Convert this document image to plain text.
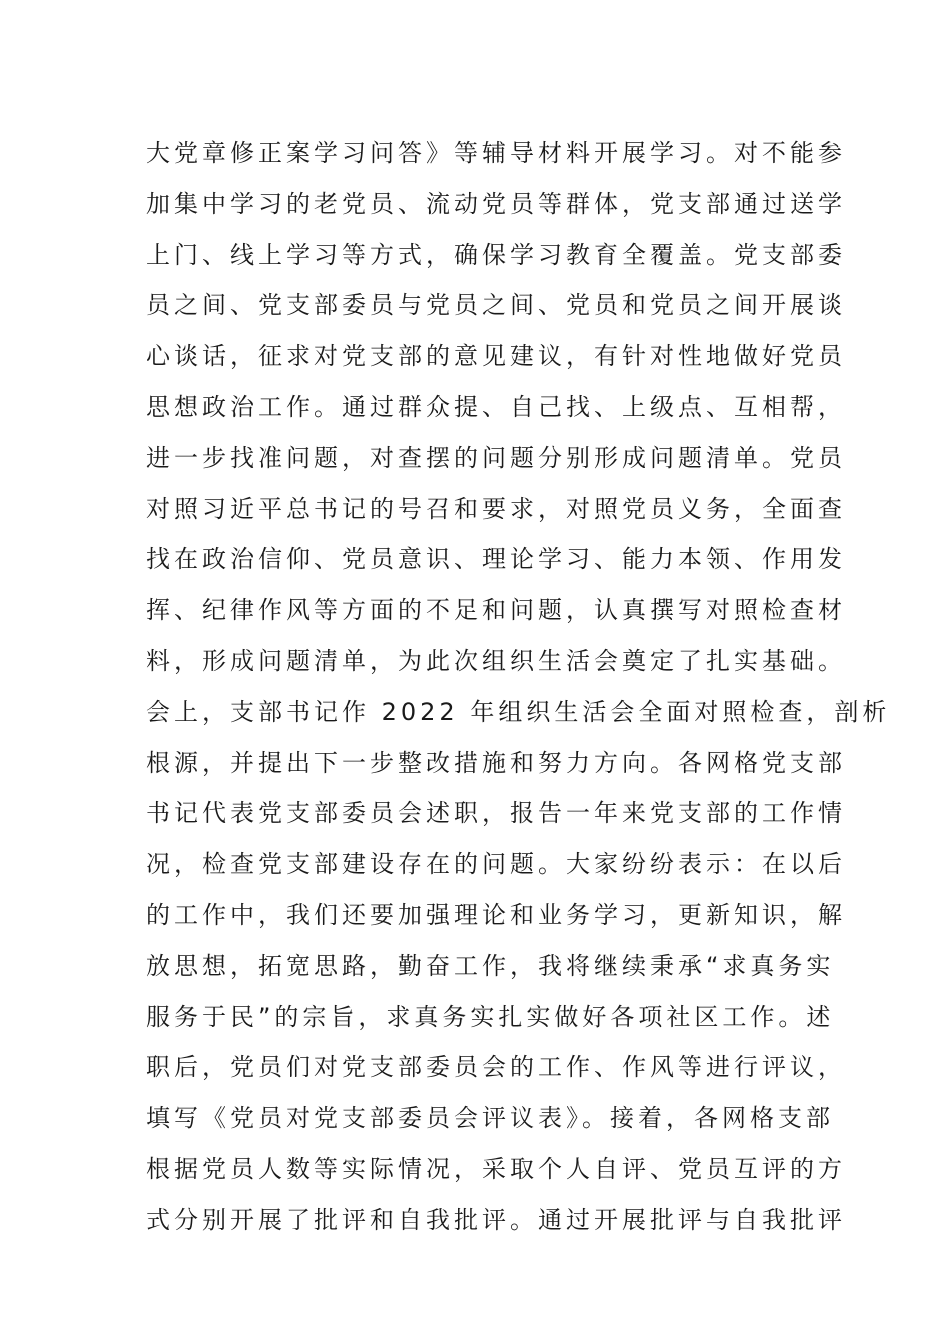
大党章修正案学习问答》等辅导材料开展学习。对不能参
加集中学习的老党员、流动党员等群体，党支部通过送学
上门、线上学习等方式，确保学习教育全覆盖。党支部委
员之间、党支部委员与党员之间、党员和党员之间开展谈
心谈话，征求对党支部的意见建议，有针对性地做好党员
思想政治工作。通过群众提、自己找、上级点、互相帮，
进一步找准问题，对查摆的问题分别形成问题清单。党员
对照习近平总书记的号召和要求，对照党员义务，全面查
找在政治信仰、党员意识、理论学习、能力本领、作用发
挥、纪律作风等方面的不足和问题，认真撰写对照检查材
料，形成问题清单，为此次组织生活会奠定了扎实基础。
会上，支部书记作 2022 年组织生活会全面对照检查，剖析
根源，并提出下一步整改措施和努力方向。各网格党支部
书记代表党支部委员会述职，报告一年来党支部的工作情
况，检查党支部建设存在的问题。大家纷纷表示：在以后
的工作中，我们还要加强理论和业务学习，更新知识，解
放思想，拓宽思路，勤奋工作，我将继续秉承“求真务实
服务于民”的宗旨，求真务实扎实做好各项社区工作。述
职后，党员们对党支部委员会的工作、作风等进行评议，
填写《党员对党支部委员会评议表》。接着，各网格支部
根据党员人数等实际情况，采取个人自评、党员互评的方
式分别开展了批评和自我批评。通过开展批评与自我批评
